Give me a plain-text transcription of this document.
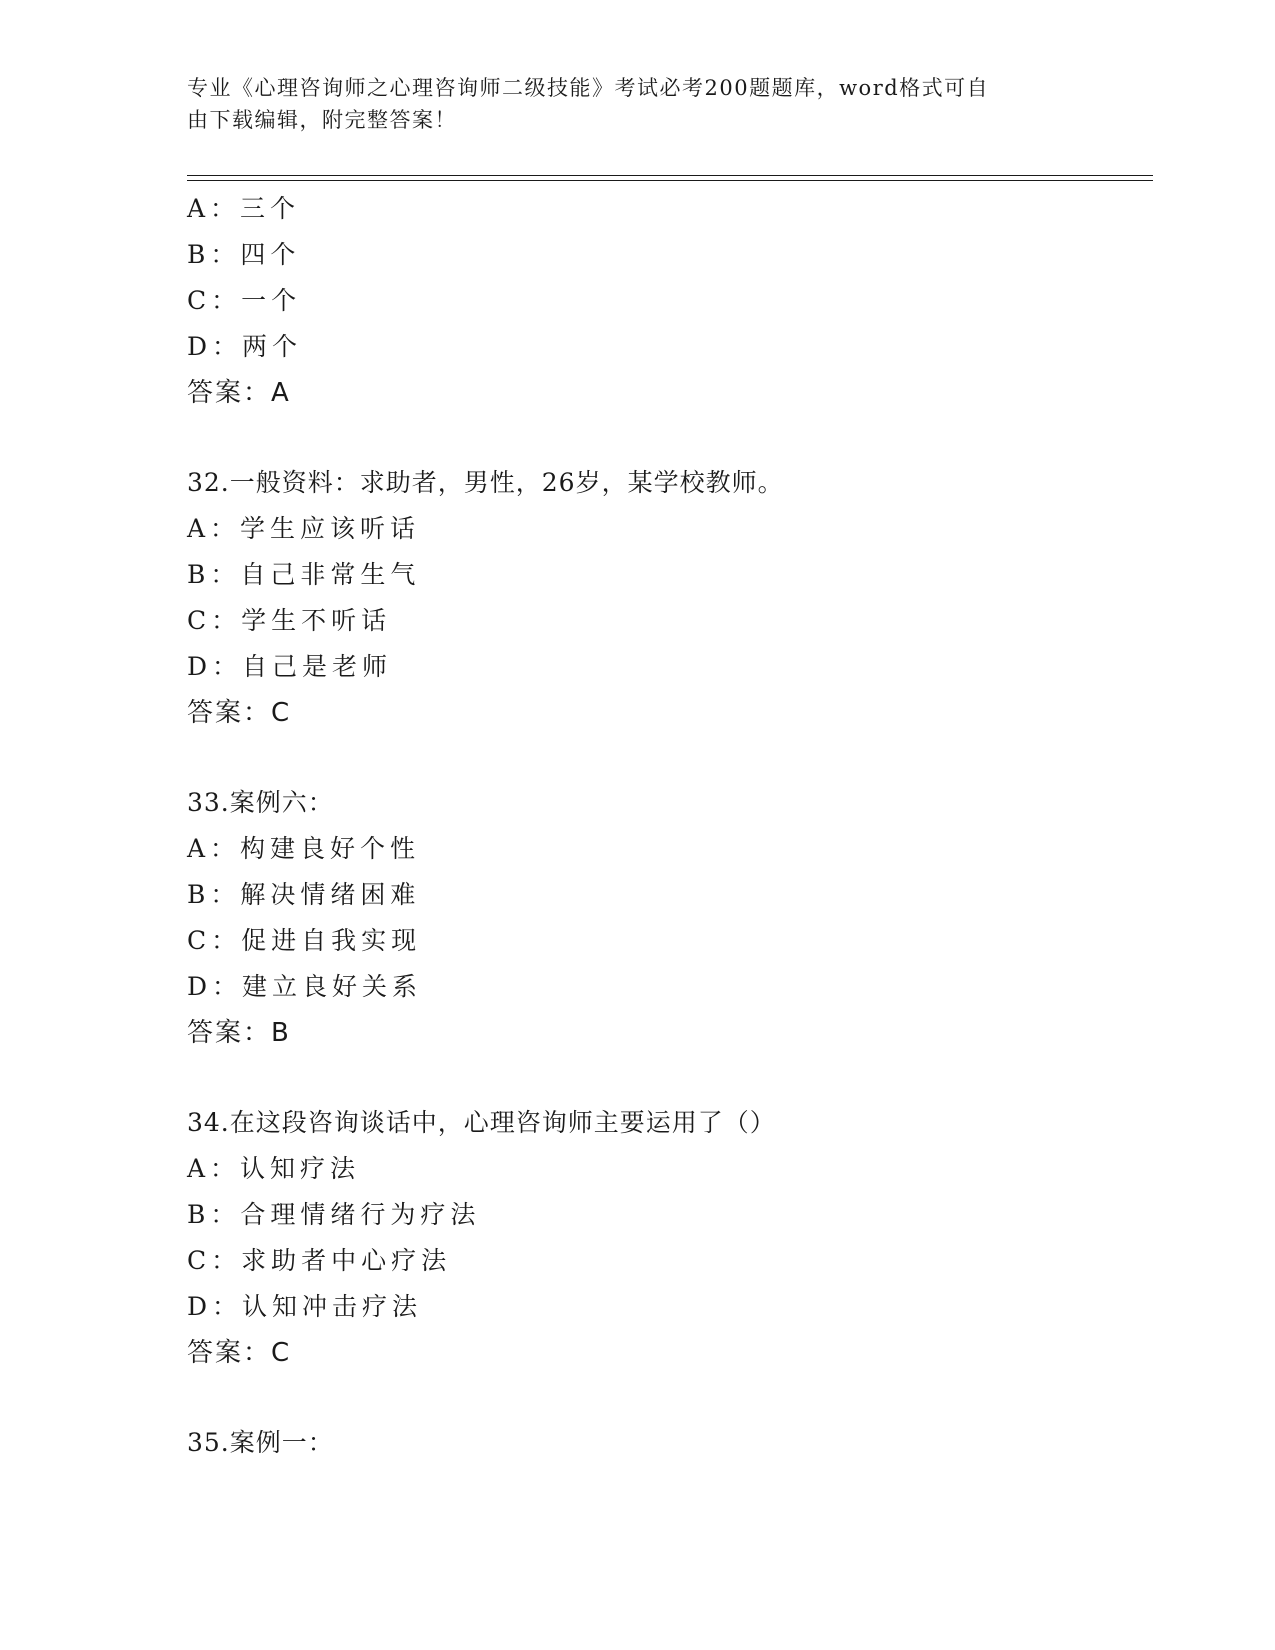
专业《心理咨询师之心理咨询师二级技能》考试必考200题题库，word格式可自
由下载编辑，附完整答案！
A：三个
B：四个
C：一个
D：两个
答案：A
32.一般资料：求助者，男性，26岁，某学校教师。
A：学生应该听话
B：自己非常生气
C：学生不听话
D：自己是老师
答案：C
33.案例六：
A：构建良好个性
B：解决情绪困难
C：促进自我实现
D：建立良好关系
答案：B
34.在这段咨询谈话中，心理咨询师主要运用了（）
A：认知疗法
B：合理情绪行为疗法
C：求助者中心疗法
D：认知冲击疗法
答案：C
35.案例一：
